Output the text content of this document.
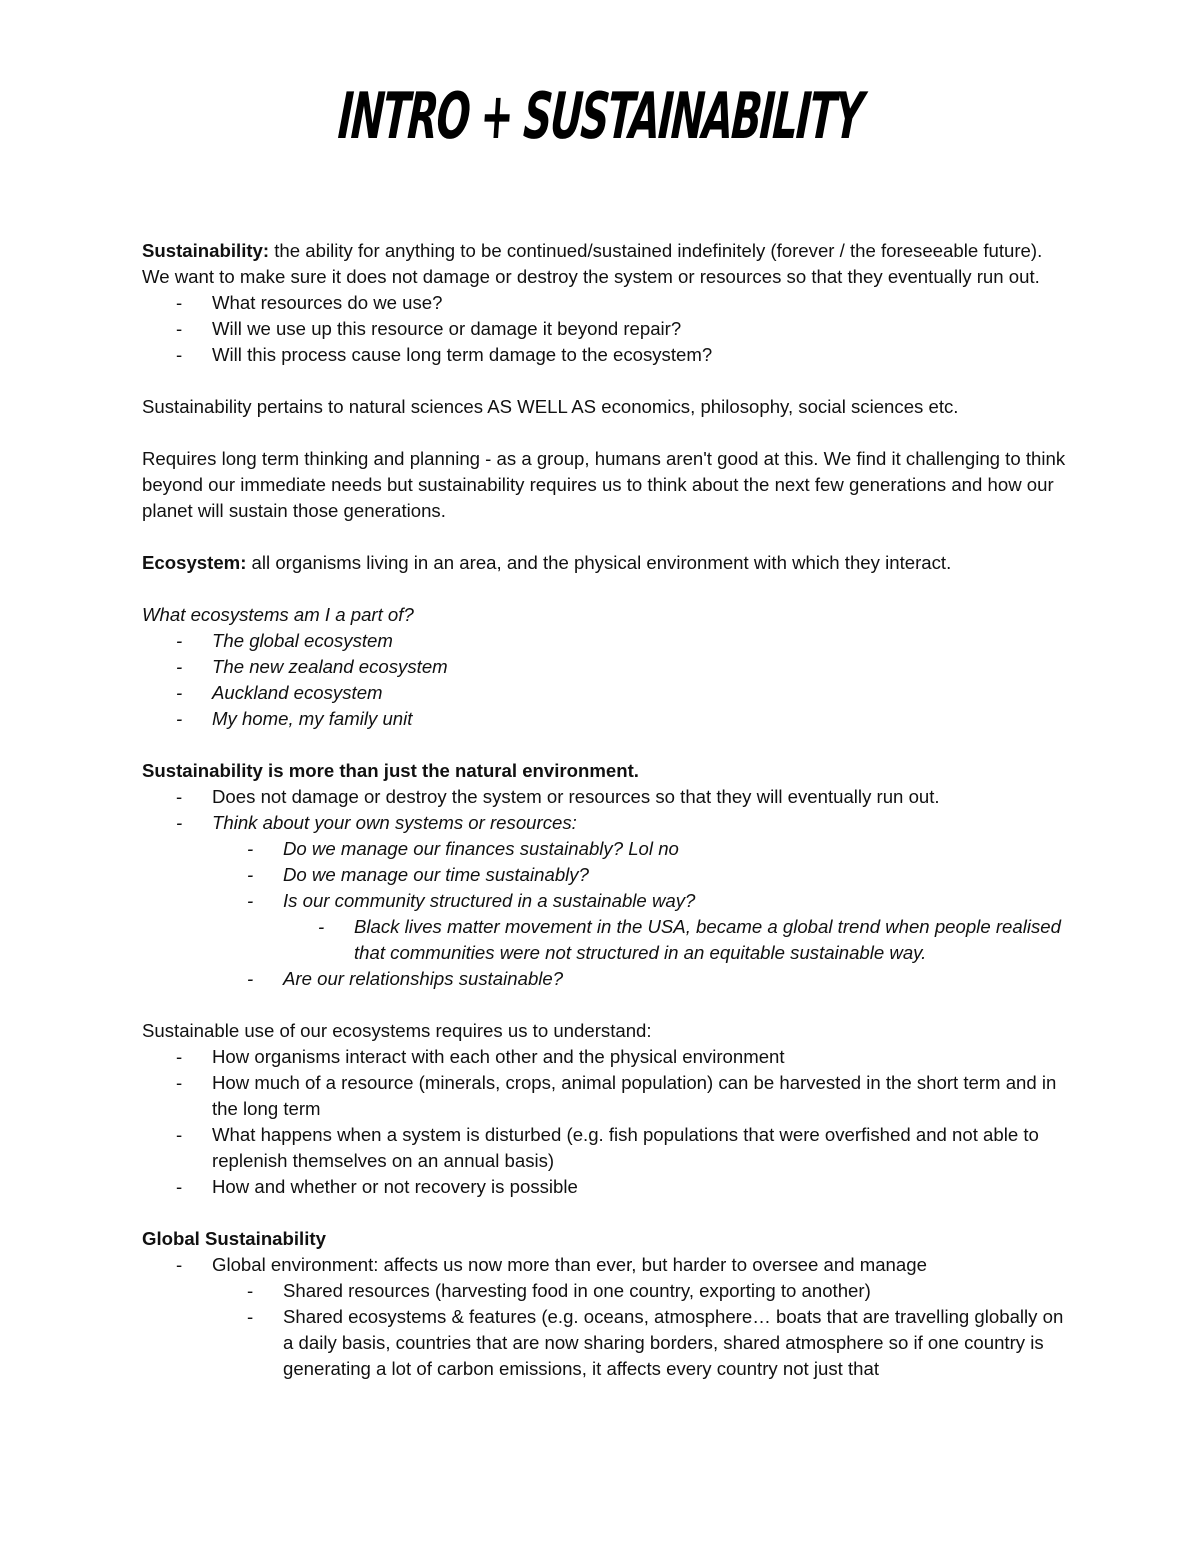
INTRO + SUSTAINABILITY

Sustainability: the ability for anything to be continued/sustained indefinitely (forever / the foreseeable future). We want to make sure it does not damage or destroy the system or resources so that they eventually run out.

- What resources do we use?
- Will we use up this resource or damage it beyond repair?
- Will this process cause long term damage to the ecosystem?

Sustainability pertains to natural sciences AS WELL AS economics, philosophy, social sciences etc.

Requires long term thinking and planning - as a group, humans aren't good at this. We find it challenging to think beyond our immediate needs but sustainability requires us to think about the next few generations and how our planet will sustain those generations.

Ecosystem: all organisms living in an area, and the physical environment with which they interact.

What ecosystems am I a part of?

- The global ecosystem
- The new zealand ecosystem
- Auckland ecosystem
- My home, my family unit

Sustainability is more than just the natural environment.

- Does not damage or destroy the system or resources so that they will eventually run out.
- Think about your own systems or resources:
- Do we manage our finances sustainably? Lol no
- Do we manage our time sustainably?
- Is our community structured in a sustainable way?
- Black lives matter movement in the USA, became a global trend when people realised that communities were not structured in an equitable sustainable way.
- Are our relationships sustainable?

Sustainable use of our ecosystems requires us to understand:

- How organisms interact with each other and the physical environment
- How much of a resource (minerals, crops, animal population) can be harvested in the short term and in the long term
- What happens when a system is disturbed (e.g. fish populations that were overfished and not able to replenish themselves on an annual basis)
- How and whether or not recovery is possible

Global Sustainability

- Global environment: affects us now more than ever, but harder to oversee and manage
- Shared resources (harvesting food in one country, exporting to another)
- Shared ecosystems & features (e.g. oceans, atmosphere… boats that are travelling globally on a daily basis, countries that are now sharing borders, shared atmosphere so if one country is generating a lot of carbon emissions, it affects every country not just that
